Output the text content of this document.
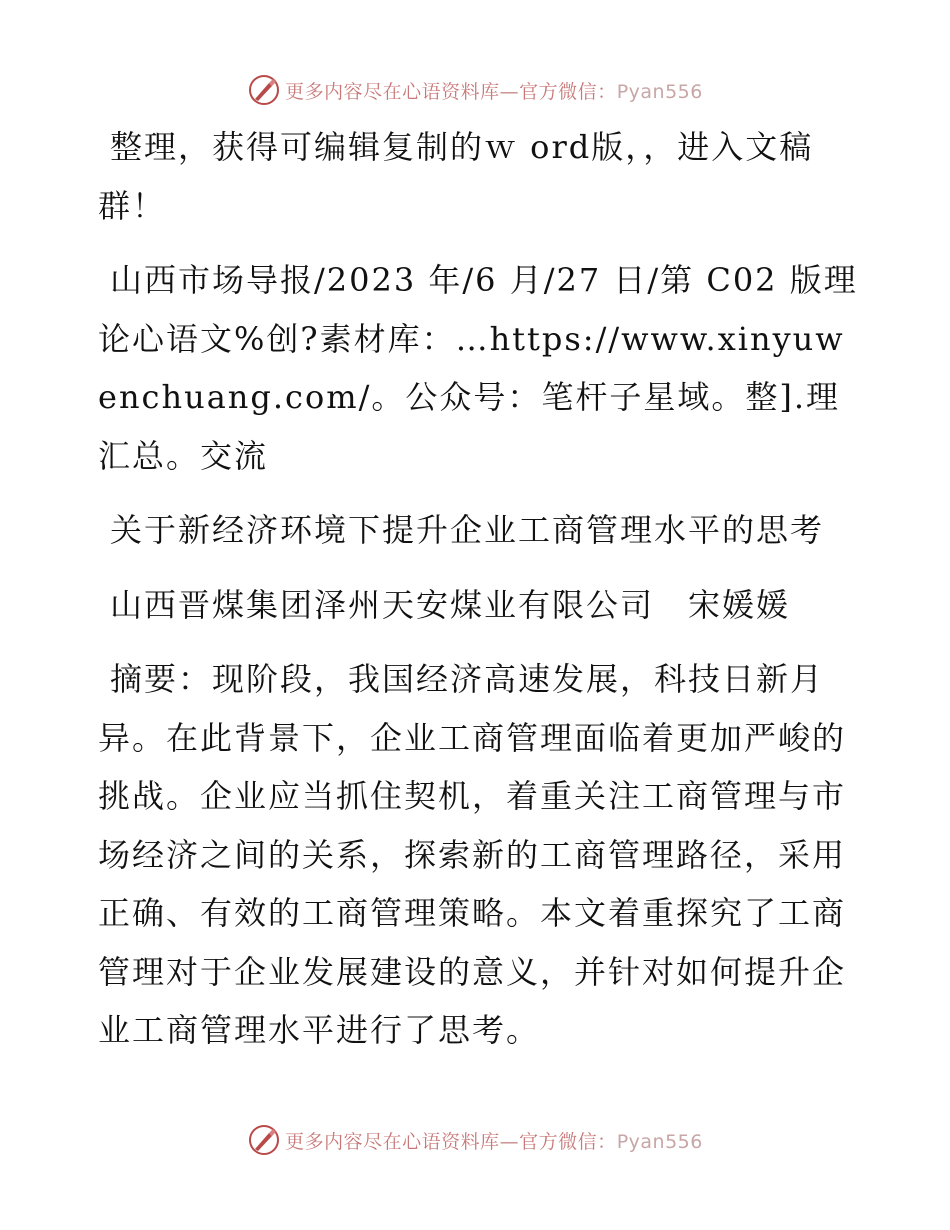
更多内容尽在心语资料库—官方微信：Pyan556

整理，获得可编辑复制的ｗ ord版，，进入文稿群！

山西市场导报/2023 年/6 月/27 日/第 C02 版理论心语文%创?素材库：…https://www.xinyuwenchuang.com/。公众号：笔杆子星域。整].理汇总。交流

关于新经济环境下提升企业工商管理水平的思考

山西晋煤集团泽州天安煤业有限公司　宋媛媛

摘要：现阶段，我国经济高速发展，科技日新月异。在此背景下，企业工商管理面临着更加严峻的挑战。企业应当抓住契机，着重关注工商管理与市场经济之间的关系，探索新的工商管理路径，采用正确、有效的工商管理策略。本文着重探究了工商管理对于企业发展建设的意义，并针对如何提升企业工商管理水平进行了思考。

更多内容尽在心语资料库—官方微信：Pyan556
